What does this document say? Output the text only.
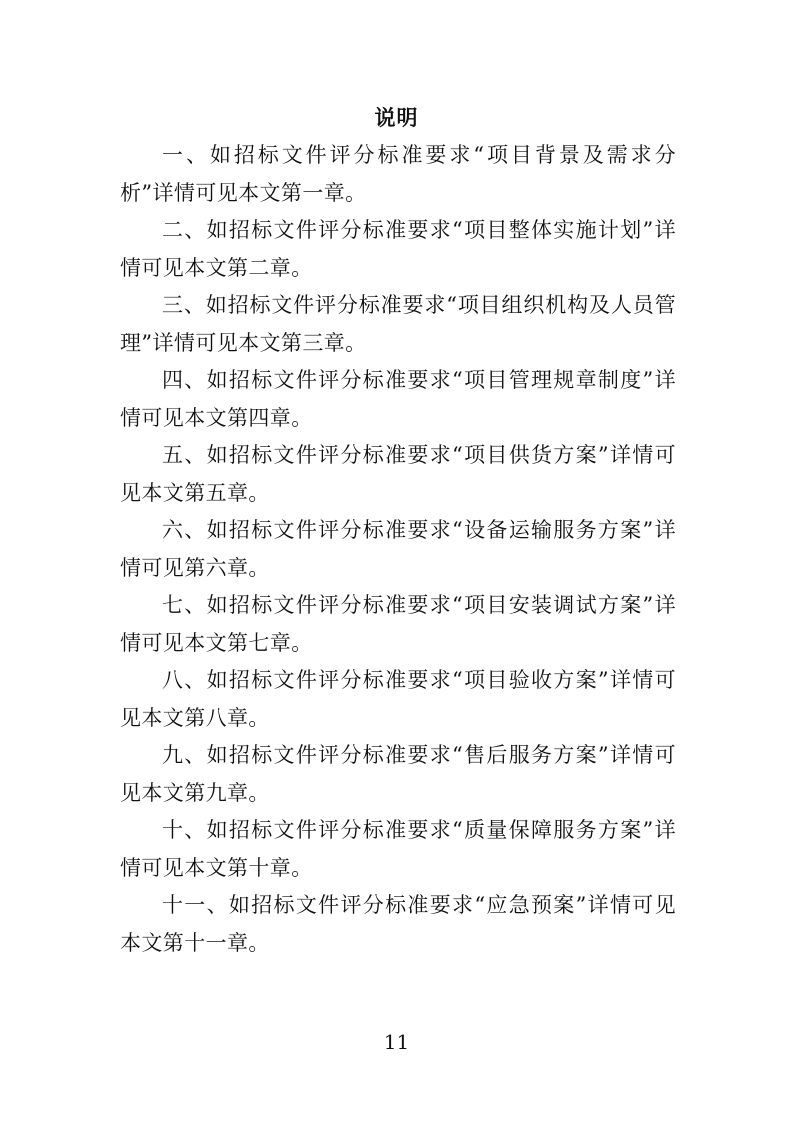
说明

一、如招标文件评分标准要求“项目背景及需求分析”详情可见本文第一章。

二、如招标文件评分标准要求“项目整体实施计划”详情可见本文第二章。

三、如招标文件评分标准要求“项目组织机构及人员管理”详情可见本文第三章。

四、如招标文件评分标准要求“项目管理规章制度”详情可见本文第四章。

五、如招标文件评分标准要求“项目供货方案”详情可见本文第五章。

六、如招标文件评分标准要求“设备运输服务方案”详情可见第六章。

七、如招标文件评分标准要求“项目安装调试方案”详情可见本文第七章。

八、如招标文件评分标准要求“项目验收方案”详情可见本文第八章。

九、如招标文件评分标准要求“售后服务方案”详情可见本文第九章。

十、如招标文件评分标准要求“质量保障服务方案”详情可见本文第十章。

十一、如招标文件评分标准要求“应急预案”详情可见本文第十一章。

11
